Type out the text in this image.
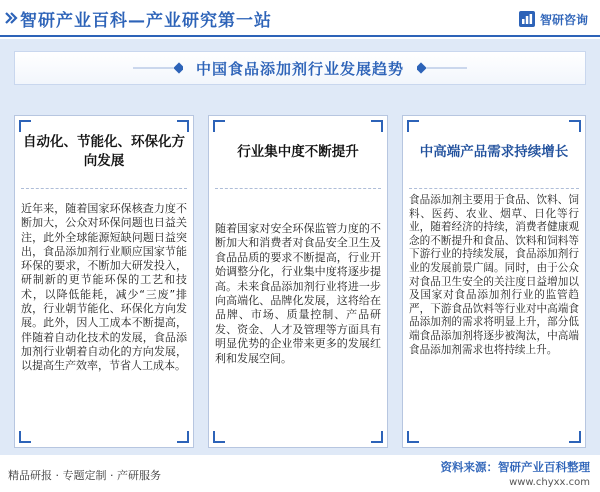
智研产业百科—产业研究第一站	智研咨询
中国食品添加剂行业发展趋势
自动化、节能化、环保化方向发展
近年来，随着国家环保核查力度不断加大，公众对环保问题也日益关注，此外全球能源短缺问题日益突出，食品添加剂行业顺应国家节能环保的要求，不断加大研发投入，研制新的更节能环保的工艺和技术，以降低能耗，减少“三废”排放，行业朝节能化、环保化方向发展。此外，因人工成本不断提高，伴随着自动化技术的发展，食品添加剂行业朝着自动化的方向发展，以提高生产效率，节省人工成本。
行业集中度不断提升
随着国家对安全环保监管力度的不断加大和消费者对食品安全卫生及食品品质的要求不断提高，行业开始调整分化，行业集中度将逐步提高。未来食品添加剂行业将进一步向高端化、品牌化发展，这将给在品牌、市场、质量控制、产品研发、资金、人才及管理等方面具有明显优势的企业带来更多的发展红利和发展空间。
中高端产品需求持续增长
食品添加剂主要用于食品、饮料、饲料、医药、农业、烟草、日化等行业，随着经济的持续，消费者健康观念的不断提升和食品、饮料和饲料等下游行业的持续发展，食品添加剂行业的发展前景广阔。同时，由于公众对食品卫生安全的关注度日益增加以及国家对食品添加剂行业的监管趋严，下游食品饮料等行业对中高端食品添加剂的需求将明显上升，部分低端食品添加剂将逐步被淘汰，中高端食品添加剂需求也将持续上升。
精品研报 · 专题定制 · 产研服务
资料来源：智研产业百科整理
www.chyxx.com
